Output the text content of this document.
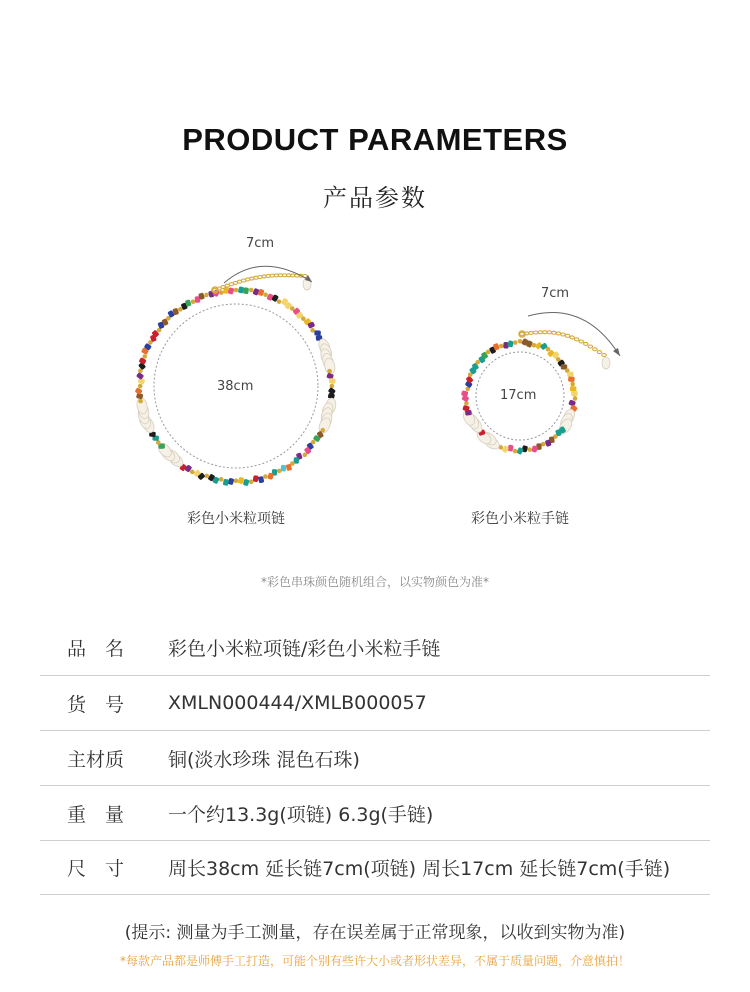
PRODUCT PARAMETERS
产品参数
7cm
38cm
彩色小米粒项链
7cm
17cm
彩色小米粒手链
*彩色串珠颜色随机组合，以实物颜色为准*
品　名	彩色小米粒项链/彩色小米粒手链
货　号	XMLN000444/XMLB000057
主材质	铜(淡水珍珠 混色石珠)
重　量	一个约13.3g(项链) 6.3g(手链)
尺　寸	周长38cm 延长链7cm(项链) 周长17cm 延长链7cm(手链)
(提示: 测量为手工测量，存在误差属于正常现象，以收到实物为准)
*每款产品都是师傅手工打造，可能个别有些许大小或者形状差异，不属于质量问题，介意慎拍！
